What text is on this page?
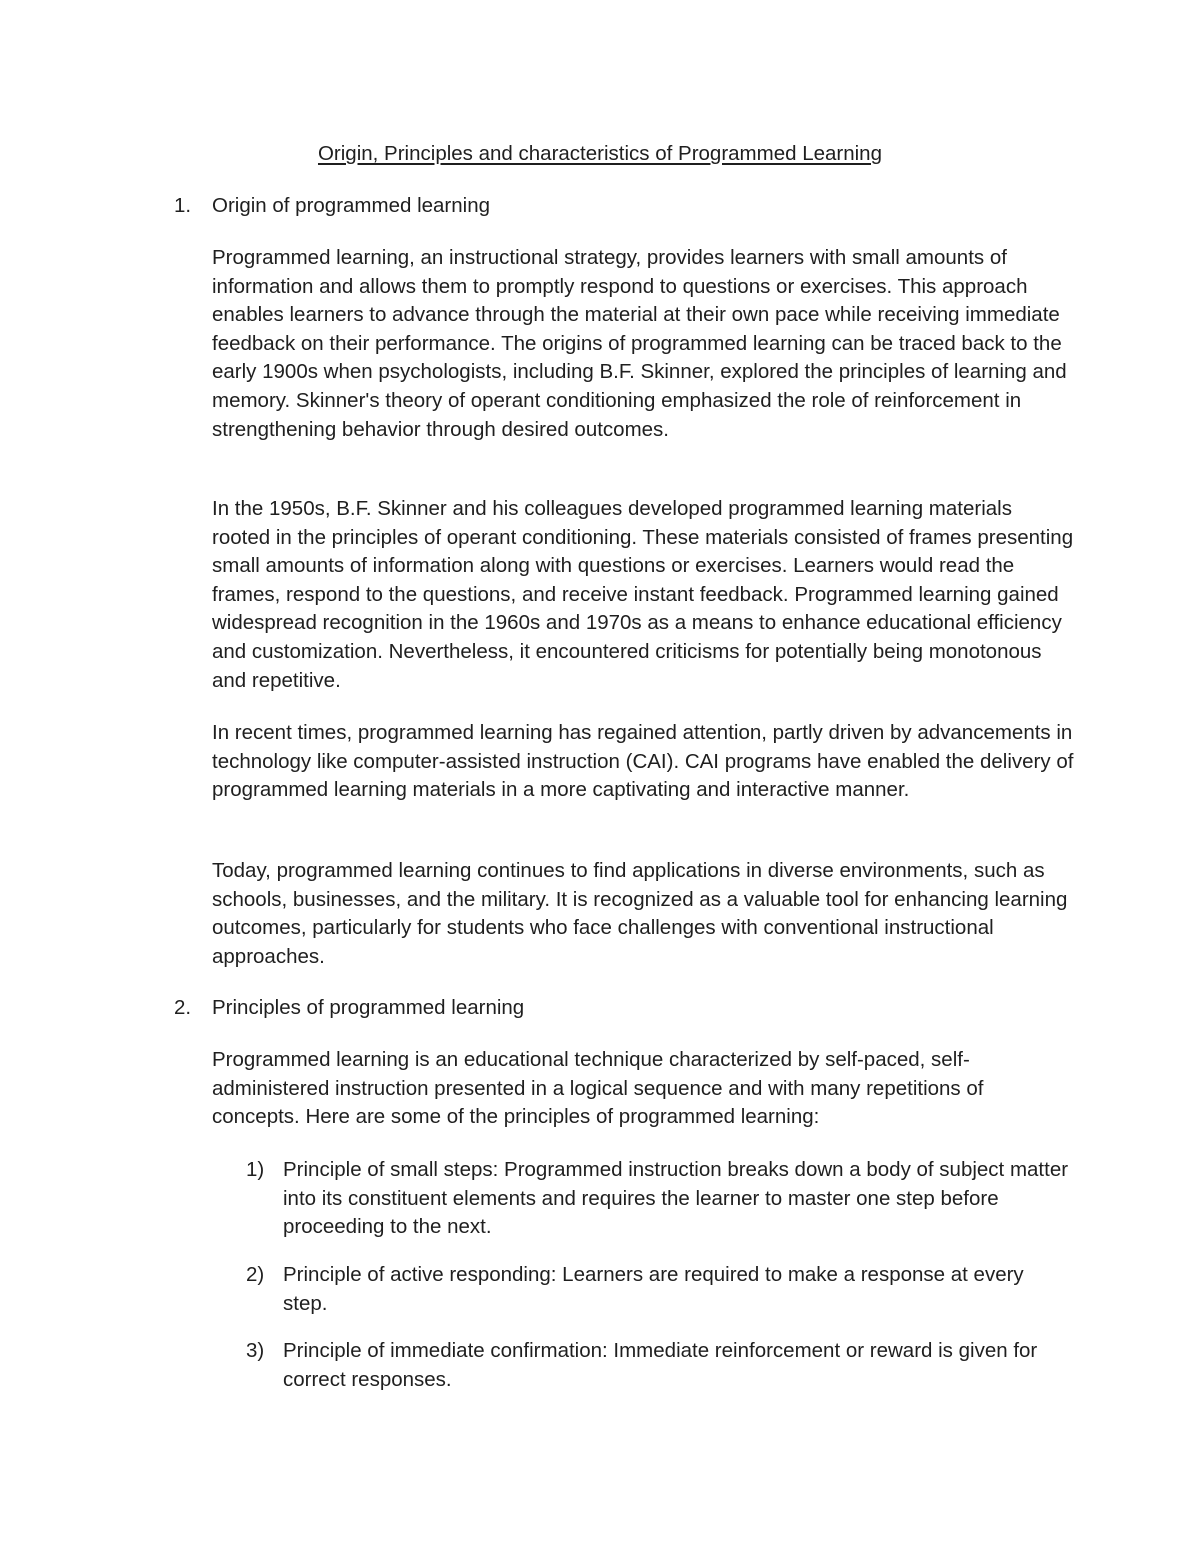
Origin, Principles and characteristics of Programmed Learning
1. Origin of programmed learning

Programmed learning, an instructional strategy, provides learners with small amounts of information and allows them to promptly respond to questions or exercises. This approach enables learners to advance through the material at their own pace while receiving immediate feedback on their performance. The origins of programmed learning can be traced back to the early 1900s when psychologists, including B.F. Skinner, explored the principles of learning and memory. Skinner's theory of operant conditioning emphasized the role of reinforcement in strengthening behavior through desired outcomes.

In the 1950s, B.F. Skinner and his colleagues developed programmed learning materials rooted in the principles of operant conditioning. These materials consisted of frames presenting small amounts of information along with questions or exercises. Learners would read the frames, respond to the questions, and receive instant feedback. Programmed learning gained widespread recognition in the 1960s and 1970s as a means to enhance educational efficiency and customization. Nevertheless, it encountered criticisms for potentially being monotonous and repetitive.

In recent times, programmed learning has regained attention, partly driven by advancements in technology like computer-assisted instruction (CAI). CAI programs have enabled the delivery of programmed learning materials in a more captivating and interactive manner.

Today, programmed learning continues to find applications in diverse environments, such as schools, businesses, and the military. It is recognized as a valuable tool for enhancing learning outcomes, particularly for students who face challenges with conventional instructional approaches.

2. Principles of programmed learning

Programmed learning is an educational technique characterized by self-paced, self-administered instruction presented in a logical sequence and with many repetitions of concepts. Here are some of the principles of programmed learning:

1) Principle of small steps: Programmed instruction breaks down a body of subject matter into its constituent elements and requires the learner to master one step before proceeding to the next.
2) Principle of active responding: Learners are required to make a response at every step.
3) Principle of immediate confirmation: Immediate reinforcement or reward is given for correct responses.
